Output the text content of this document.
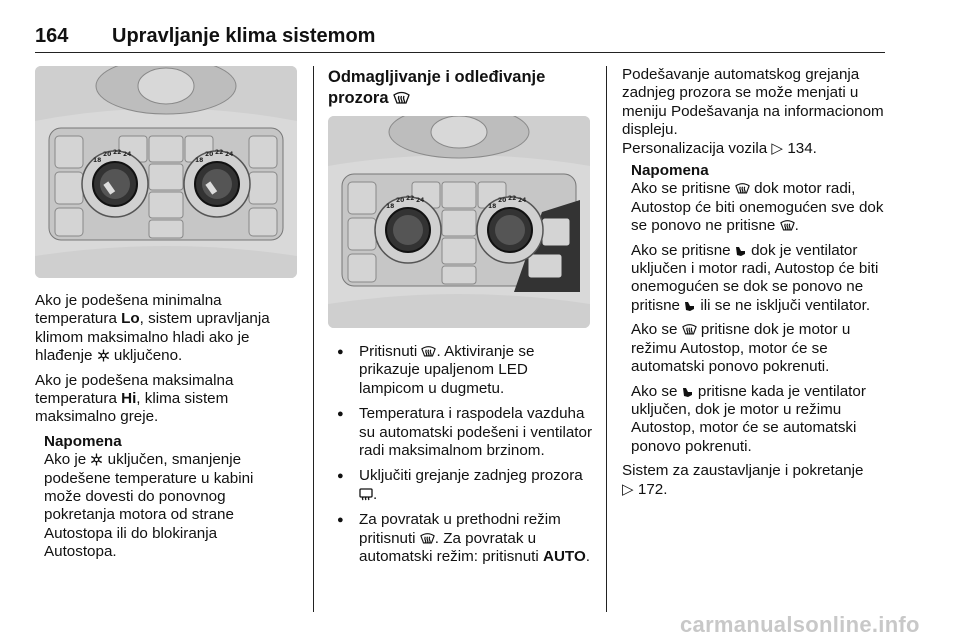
164 Upravljanje klima sistemom
18
20 22 24
18
20 22 24

Ako je podešena minimalna temperatura Lo, sistem upravljanja klimom maksimalno hladi ako je hlađenje
uključeno.

Ako je podešena maksimalna temperatura Hi, klima sistem maksimalno greje.

Napomena
Ako je
uključen, smanjenje podešene temperature u kabini može dovesti do ponovnog pokretanja motora od strane Autostopa ili do blokiranja Autostopa.
Odmagljivanje i odleđivanje prozora
18
20 22 24
18
20 22 24
● Pritisnuti
. Aktiviranje se prikazuje upaljenom LED lampicom u dugmetu.
● Temperatura i raspodela vazduha su automatski podešeni i ventilator radi maksimalnom brzinom.
● Uključiti grejanje zadnjeg prozora
.
● Za povratak u prethodni režim pritisnuti
. Za povratak u automatski režim: pritisnuti AUTO.

Podešavanje automatskog grejanja zadnjeg prozora se može menjati u meniju Podešavanja na informacionom displeju.
Personalizacija vozila ▷ 134.

Napomena

Ako se pritisne
dok motor radi, Autostop će biti onemogućen sve dok se ponovo ne pritisne
.

Ako se pritisne
dok je ventilator uključen i motor radi, Autostop će biti onemogućen se dok se ponovo ne pritisne
ili se ne isključi ventilator.

Ako se
pritisne dok je motor u režimu Autostop, motor će se automatski ponovo pokrenuti.

Ako se
pritisne kada je ventilator uključen, dok je motor u režimu Autostop, motor će se automatski ponovo pokrenuti.

Sistem za zaustavljanje i pokretanje
▷ 172.

carmanualsonline.info
